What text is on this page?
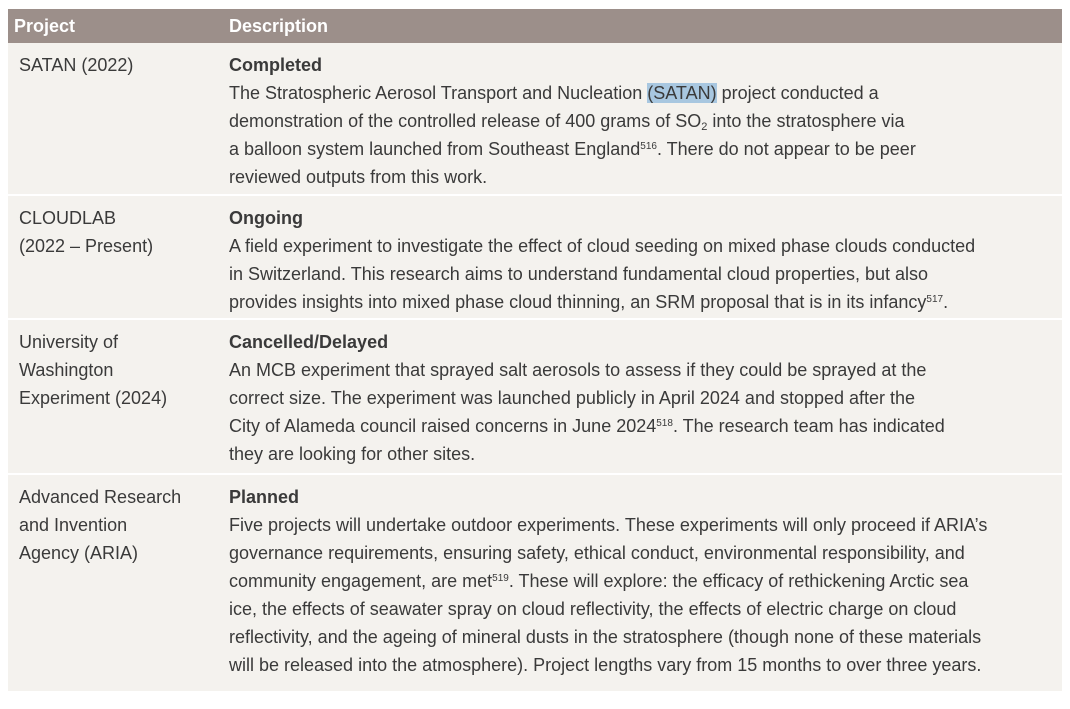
Project	Description
SATAN (2022)	Completed
The Stratospheric Aerosol Transport and Nucleation (SATAN) project conducted a
demonstration of the controlled release of 400 grams of $SO_2$ into the stratosphere via
a balloon system launched from Southeast England$^{516}$. There do not appear to be peer
reviewed outputs from this work.
CLOUDLAB
(2022 – Present)
Ongoing
A field experiment to investigate the effect of cloud seeding on mixed phase clouds conducted
in Switzerland. This research aims to understand fundamental cloud properties, but also
provides insights into mixed phase cloud thinning, an SRM proposal that is in its infancy$^{517}$.
University of
Washington
Experiment (2024)
Cancelled/Delayed
An MCB experiment that sprayed salt aerosols to assess if they could be sprayed at the
correct size. The experiment was launched publicly in April 2024 and stopped after the
City of Alameda council raised concerns in June 2024$^{518}$. The research team has indicated
they are looking for other sites.
Advanced Research
and Invention
Agency (ARIA)
Planned
Five projects will undertake outdoor experiments. These experiments will only proceed if ARIA’s
governance requirements, ensuring safety, ethical conduct, environmental responsibility, and
community engagement, are met$^{519}$. These will explore: the efficacy of rethickening Arctic sea
ice, the effects of seawater spray on cloud reflectivity, the effects of electric charge on cloud
reflectivity, and the ageing of mineral dusts in the stratosphere (though none of these materials
will be released into the atmosphere). Project lengths vary from 15 months to over three years.
